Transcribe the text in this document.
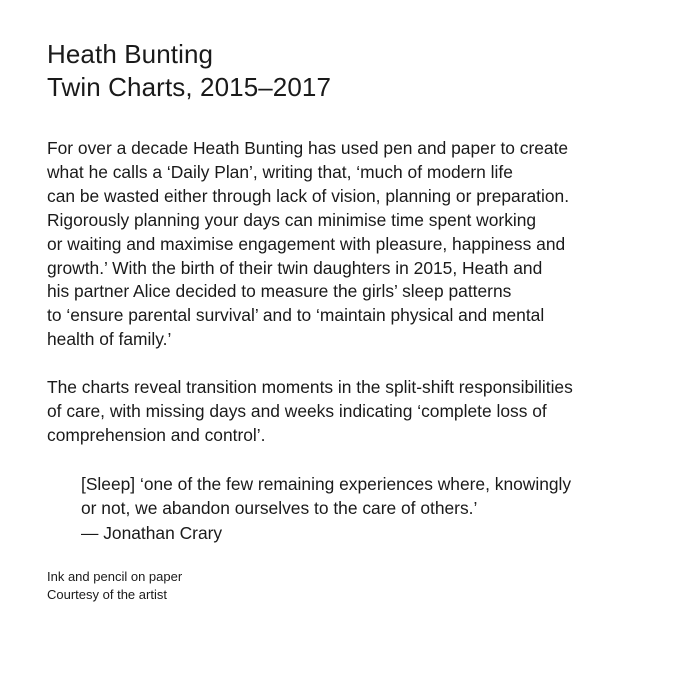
Heath Bunting

Twin Charts, 2015–2017

For over a decade Heath Bunting has used pen and paper to create

what he calls a ‘Daily Plan’, writing that, ‘much of modern life

can be wasted either through lack of vision, planning or preparation.

Rigorously planning your days can minimise time spent working

or waiting and maximise engagement with pleasure, happiness and

growth.’ With the birth of their twin daughters in 2015, Heath and

his partner Alice decided to measure the girls’ sleep patterns

to ‘ensure parental survival’ and to ‘maintain physical and mental

health of family.’

The charts reveal transition moments in the split-shift responsibilities

of care, with missing days and weeks indicating ‘complete loss of

comprehension and control’.

[Sleep] ‘one of the few remaining experiences where, knowingly

or not, we abandon ourselves to the care of others.’

— Jonathan Crary

Ink and pencil on paper

Courtesy of the artist
